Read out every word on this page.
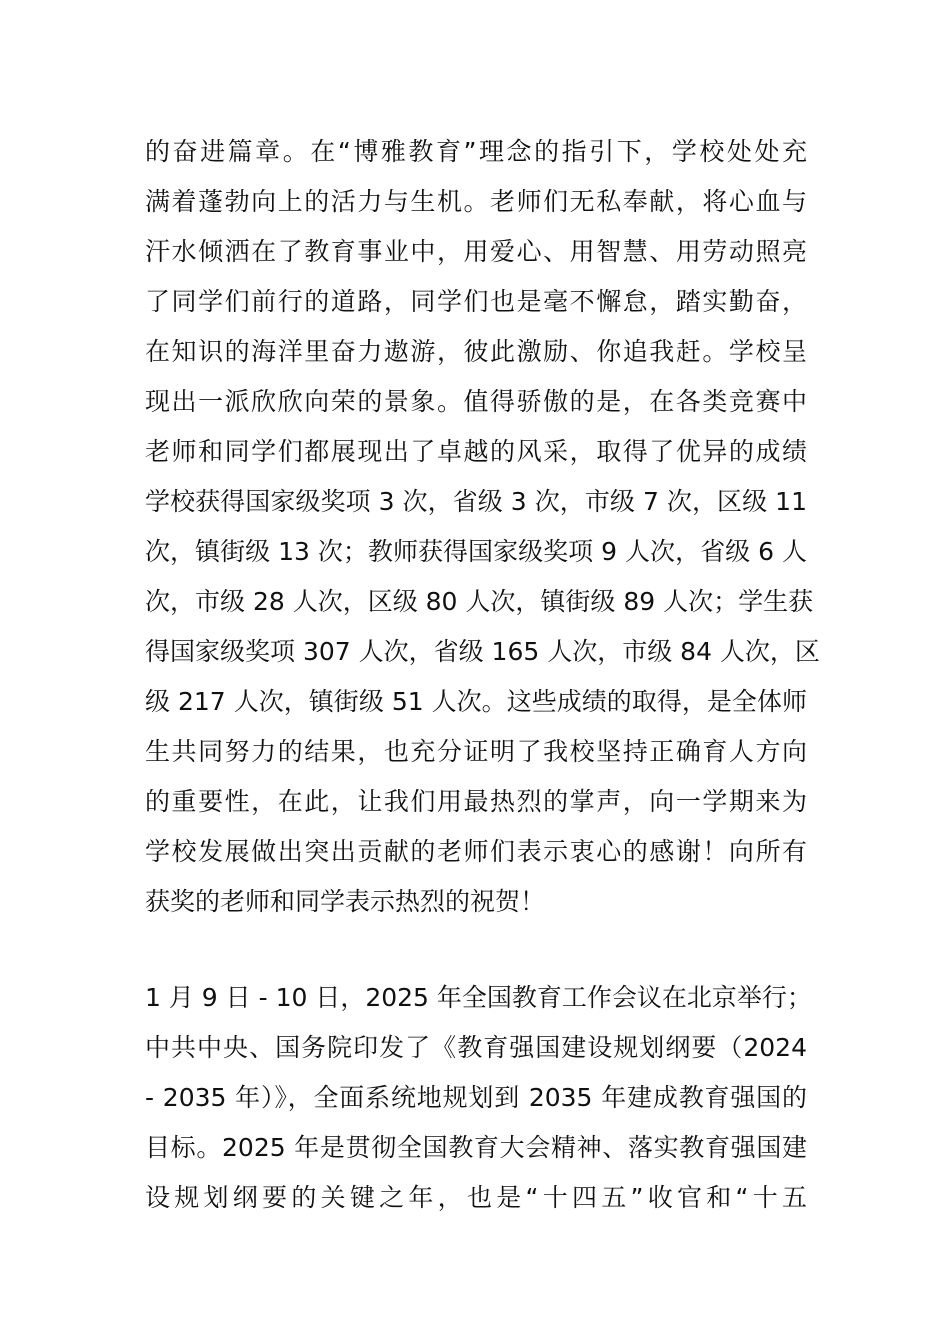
的奋进篇章。在“博雅教育”理念的指引下，学校处处充
满着蓬勃向上的活力与生机。老师们无私奉献，将心血与
汗水倾洒在了教育事业中，用爱心、用智慧、用劳动照亮
了同学们前行的道路，同学们也是毫不懈怠，踏实勤奋，
在知识的海洋里奋力遨游，彼此激励、你追我赶。学校呈
现出一派欣欣向荣的景象。值得骄傲的是，在各类竞赛中
老师和同学们都展现出了卓越的风采，取得了优异的成绩
学校获得国家级奖项 3 次，省级 3 次，市级 7 次，区级 11
次，镇街级 13 次；教师获得国家级奖项 9 人次，省级 6 人
次，市级 28 人次，区级 80 人次，镇街级 89 人次；学生获
得国家级奖项 307 人次，省级 165 人次，市级 84 人次，区
级 217 人次，镇街级 51 人次。这些成绩的取得，是全体师
生共同努力的结果，也充分证明了我校坚持正确育人方向
的重要性，在此，让我们用最热烈的掌声，向一学期来为
学校发展做出突出贡献的老师们表示衷心的感谢！向所有
获奖的老师和同学表示热烈的祝贺！
1 月 9 日 - 10 日，2025 年全国教育工作会议在北京举行；
中共中央、国务院印发了《教育强国建设规划纲要（2024
- 2035 年）》，全面系统地规划到 2035 年建成教育强国的
目标。2025 年是贯彻全国教育大会精神、落实教育强国建
设规划纲要的关键之年，也是“十四五”收官和“十五
